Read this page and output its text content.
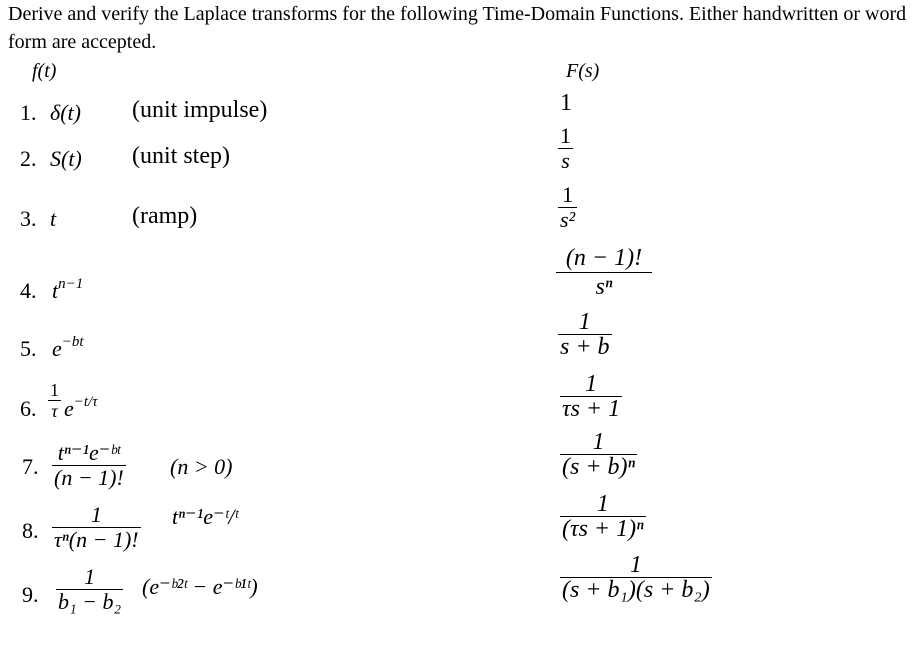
Derive and verify the Laplace transforms for the following Time-Domain Functions. Either handwritten or word form are accepted.
f(t)	F(s)
1. δ(t) (unit impulse)
2. S(t) (unit step)
3. t	(ramp)
4. $t^{n-1}$
5. $e^{-bt}$
6.
1
τ $e^{-t/\tau}$
7.
tⁿ⁻¹e⁻ᵇᵗ
(n − 1)! (n > 0)
8.
1
τⁿ(n − 1)!
tⁿ⁻¹e⁻ᵗ/ᵗ
9.
1
b₁ − b₂
(e⁻ᵇ²ᵗ − e⁻ᵇ¹ᵗ)
1
1
s
1
s²
(n − 1)!
sⁿ
1
s + b
1
τs + 1
1
(s + b)ⁿ
1
(τs + 1)ⁿ
1
(s + b₁)(s + b₂)
